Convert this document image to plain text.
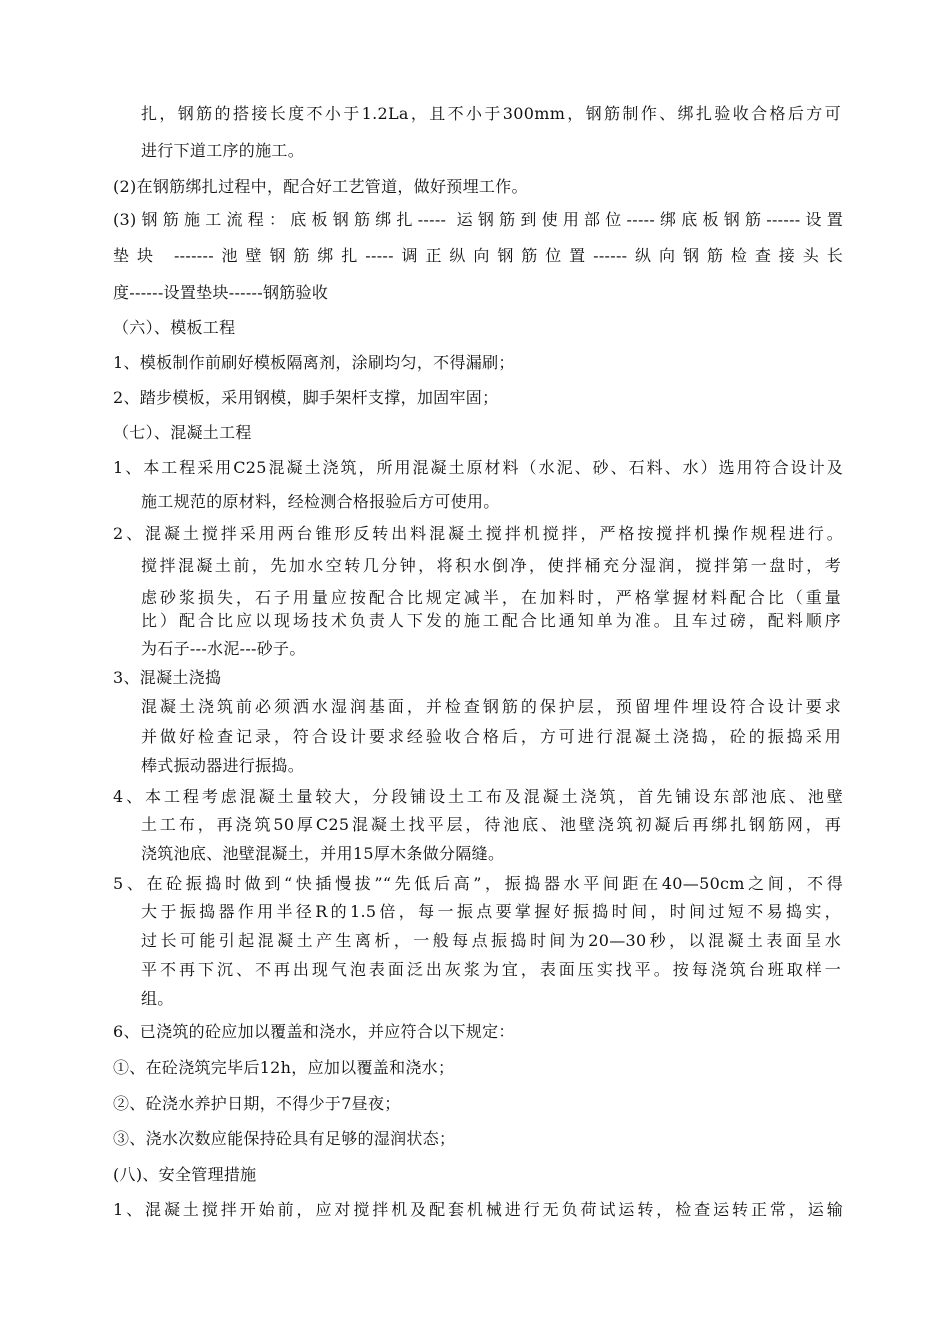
扎，钢筋的搭接长度不小于1.2La，且不小于300mm，钢筋制作、绑扎验收合格后方可
进行下道工序的施工。
(2)在钢筋绑扎过程中，配合好工艺管道，做好预埋工作。
(3)钢筋施工流程：底板钢筋绑扎----- 运钢筋到使用部位-----绑底板钢筋------设置
垫块 -------池壁钢筋绑扎-----调正纵向钢筋位置------纵向钢筋检查接头长
度------设置垫块------钢筋验收
（六）、模板工程
1、模板制作前刷好模板隔离剂，涂刷均匀，不得漏刷；
2、踏步模板，采用钢模，脚手架杆支撑，加固牢固；
（七）、混凝土工程
1、本工程采用C25混凝土浇筑，所用混凝土原材料（水泥、砂、石料、水）选用符合设计及
施工规范的原材料，经检测合格报验后方可使用。
2、混凝土搅拌采用两台锥形反转出料混凝土搅拌机搅拌，严格按搅拌机操作规程进行。
搅拌混凝土前，先加水空转几分钟，将积水倒净，使拌桶充分湿润，搅拌第一盘时，考
虑砂浆损失，石子用量应按配合比规定减半，在加料时，严格掌握材料配合比（重量
比）配合比应以现场技术负责人下发的施工配合比通知单为准。且车过磅，配料顺序
为石子---水泥---砂子。
3、混凝土浇捣
混凝土浇筑前必须洒水湿润基面，并检查钢筋的保护层，预留埋件埋设符合设计要求
并做好检查记录，符合设计要求经验收合格后，方可进行混凝土浇捣，砼的振捣采用
棒式振动器进行振捣。
4、本工程考虑混凝土量较大，分段铺设土工布及混凝土浇筑，首先铺设东部池底、池壁
土工布，再浇筑50厚C25混凝土找平层，待池底、池壁浇筑初凝后再绑扎钢筋网，再
浇筑池底、池壁混凝土，并用15厚木条做分隔缝。
5、在砼振捣时做到“快插慢拔”“先低后高”，振捣器水平间距在40—50cm之间，不得
大于振捣器作用半径R的1.5倍，每一振点要掌握好振捣时间，时间过短不易捣实，
过长可能引起混凝土产生离析，一般每点振捣时间为20—30秒，以混凝土表面呈水
平不再下沉、不再出现气泡表面泛出灰浆为宜，表面压实找平。按每浇筑台班取样一
组。
6、已浇筑的砼应加以覆盖和浇水，并应符合以下规定：
①、在砼浇筑完毕后12h，应加以覆盖和浇水；
②、砼浇水养护日期，不得少于7昼夜；
③、浇水次数应能保持砼具有足够的湿润状态；
(八)、安全管理措施
1、混凝土搅拌开始前，应对搅拌机及配套机械进行无负荷试运转，检查运转正常，运输
